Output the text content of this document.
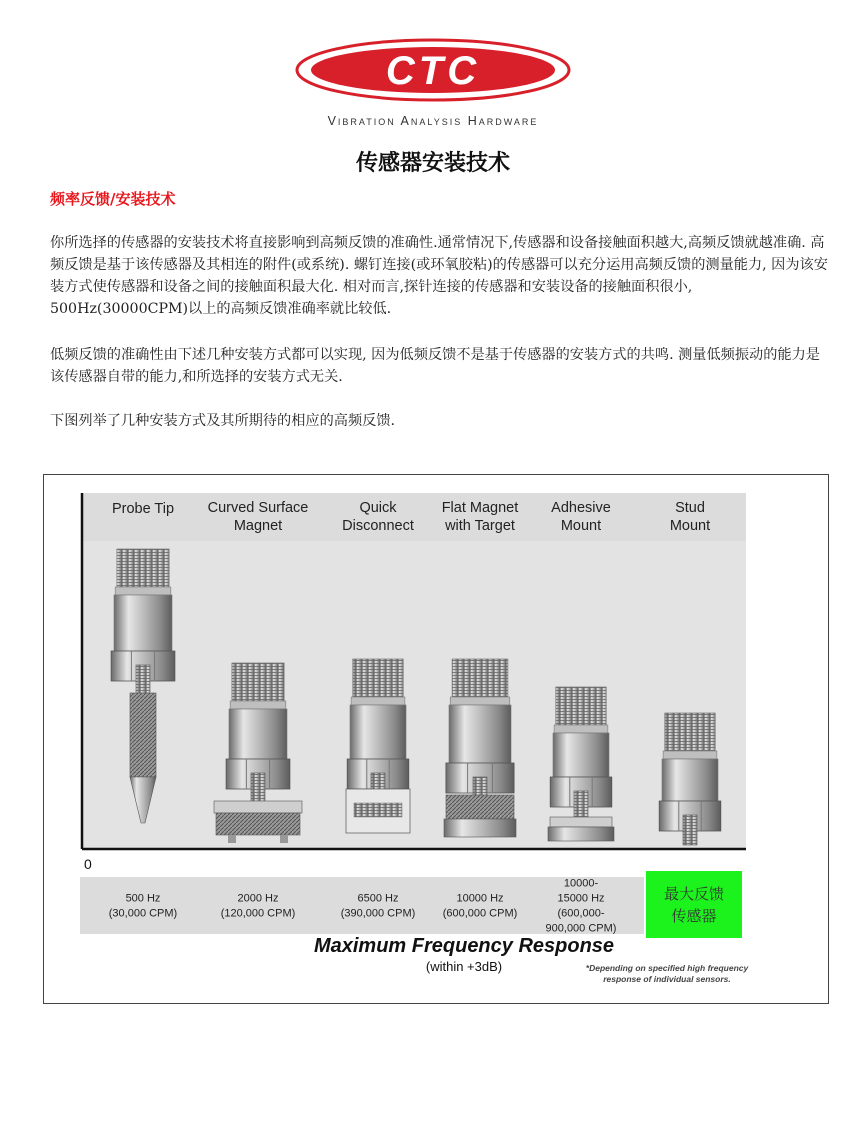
CTC
Vibration Analysis Hardware
传感器安装技术
频率反馈/安装技术

你所选择的传感器的安装技术将直接影响到高频反馈的准确性.通常情况下,传感器和设备接触面积越大,高频反馈就越准确. 高频反馈是基于该传感器及其相连的附件(或系统). 螺钉连接(或环氧胶粘)的传感器可以充分运用高频反馈的测量能力, 因为该安装方式使传感器和设备之间的接触面积最大化. 相对而言,探针连接的传感器和安装设备的接触面积很小, 500Hz(30000CPM)以上的高频反馈准确率就比较低.

低频反馈的准确性由下述几种安装方式都可以实现, 因为低频反馈不是基于传感器的安装方式的共鸣. 测量低频振动的能力是该传感器自带的能力,和所选择的安装方式无关.

下图列举了几种安装方式及其所期待的相应的高频反馈.

0
Probe Tip Curved Surface
Magnet
Quick
Disconnect
Flat Magnet
with Target
Adhesive
Mount
Stud
Mount
500 Hz
(30,000 CPM)
2000 Hz
(120,000 CPM)
6500 Hz
(390,000 CPM)
10000 Hz
(600,000 CPM)
10000-
15000 Hz
(600,000-
900,000 CPM)
最大反馈
传感器
Maximum Frequency Response
(within +3dB)	*Depending on specified high frequency
response of individual sensors.
